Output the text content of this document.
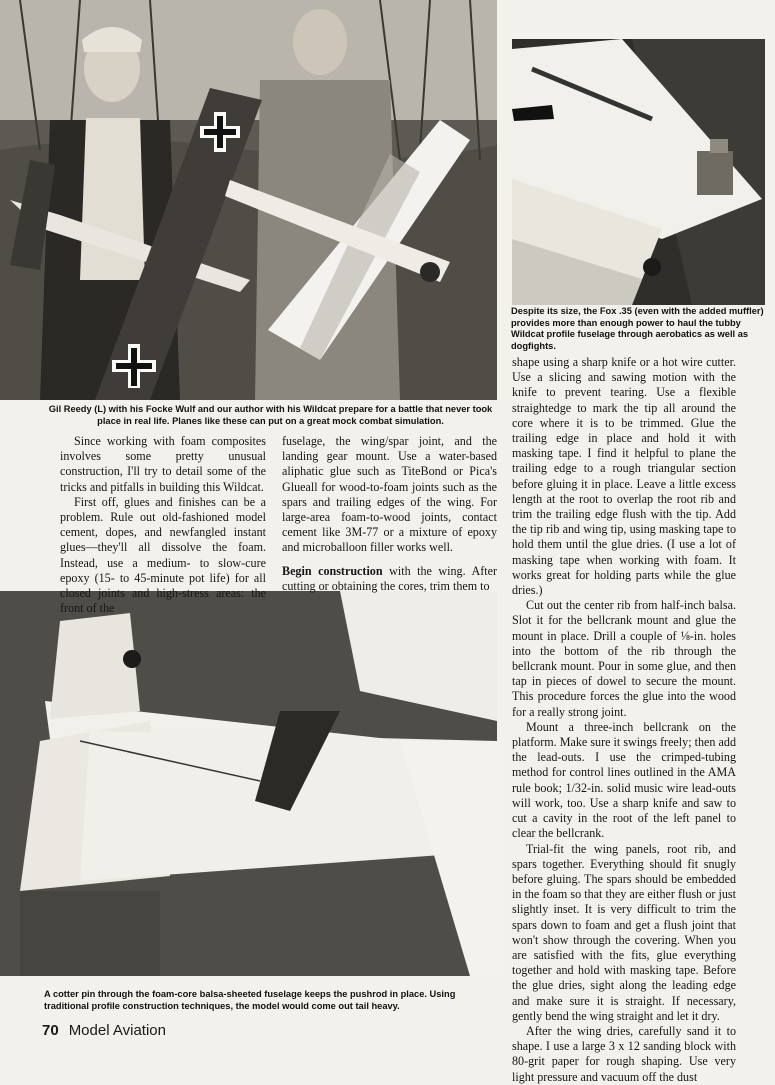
Gil Reedy (L) with his Focke Wulf and our author with his Wildcat prepare for a battle that never took place in real life. Planes like these can put on a great mock combat simulation.

Despite its size, the Fox .35 (even with the added muffler) provides more than enough power to haul the tubby Wildcat profile fuselage through aerobatics as well as dogfights.

A cotter pin through the foam-core balsa-sheeted fuselage keeps the pushrod in place. Using traditional profile construction techniques, the model would come out tail heavy.

Since working with foam composites involves some pretty unusual construction, I'll try to detail some of the tricks and pitfalls in building this Wildcat.

First off, glues and finishes can be a problem. Rule out old-fashioned model cement, dopes, and newfangled instant glues—they'll all dissolve the foam. Instead, use a medium- to slow-cure epoxy (15- to 45-minute pot life) for all closed joints and high-stress areas: the front of the

fuselage, the wing/spar joint, and the landing gear mount. Use a water-based aliphatic glue such as TiteBond or Pica's Glueall for wood-to-foam joints such as the spars and trailing edges of the wing. For large-area foam-to-wood joints, contact cement like 3M-77 or a mixture of epoxy and microballoon filler works well.

Begin construction with the wing. After cutting or obtaining the cores, trim them to

shape using a sharp knife or a hot wire cutter. Use a slicing and sawing motion with the knife to prevent tearing. Use a flexible straightedge to mark the tip all around the core where it is to be trimmed. Glue the trailing edge in place and hold it with masking tape. I find it helpful to plane the trailing edge to a rough triangular section before gluing it in place. Leave a little excess length at the root to overlap the root rib and trim the trailing edge flush with the tip. Add the tip rib and wing tip, using masking tape to hold them until the glue dries. (I use a lot of masking tape when working with foam. It works great for holding parts while the glue dries.)

Cut out the center rib from half-inch balsa. Slot it for the bellcrank mount and glue the mount in place. Drill a couple of ⅛-in. holes into the bottom of the rib through the bellcrank mount. Pour in some glue, and then tap in pieces of dowel to secure the mount. This procedure forces the glue into the wood for a really strong joint.

Mount a three-inch bellcrank on the platform. Make sure it swings freely; then add the lead-outs. I use the crimped-tubing method for control lines outlined in the AMA rule book; 1/32-in. solid music wire lead-outs will work, too. Use a sharp knife and saw to cut a cavity in the root of the left panel to clear the bellcrank.

Trial-fit the wing panels, root rib, and spars together. Everything should fit snugly before gluing. The spars should be embedded in the foam so that they are either flush or just slightly inset. It is very difficult to trim the spars down to foam and get a flush joint that won't show through the covering. When you are satisfied with the fits, glue everything together and hold with masking tape. Before the glue dries, sight along the leading edge and make sure it is straight. If necessary, gently bend the wing straight and let it dry.

After the wing dries, carefully sand it to shape. I use a large 3 x 12 sanding block with 80-grit paper for rough shaping. Use very light pressure and vacuum off the dust

70 Model Aviation
